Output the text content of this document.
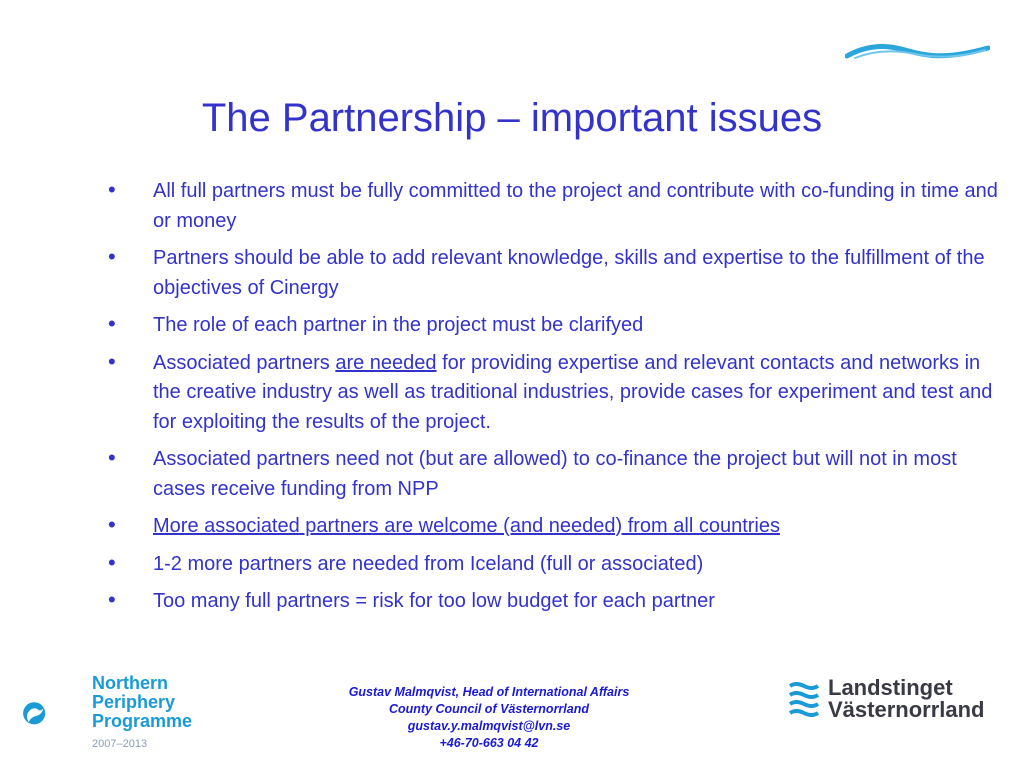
The Partnership – important issues
• All full partners must be fully committed to the project and contribute with co-funding in time and or money
• Partners should be able to add relevant knowledge, skills and expertise to the fulfillment of the objectives of Cinergy
• The role of each partner in the project must be clarifyed
• Associated partners are needed for providing expertise and relevant contacts and networks in the creative industry as well as traditional industries, provide cases for experiment and test and for exploiting the results of the project.
• Associated partners need not (but are allowed) to co-finance the project but will not in most cases receive funding from NPP
• More associated partners are welcome (and needed) from all countries
• 1-2 more partners are needed from Iceland (full or associated)
• Too many full partners = risk for too low budget for each partner
Northern
Periphery
Programme
2007–2013
Gustav Malmqvist, Head of International Affairs
County Council of Västernorrland
gustav.y.malmqvist@lvn.se
+46-70-663 04 42
Landstinget
Västernorrland
